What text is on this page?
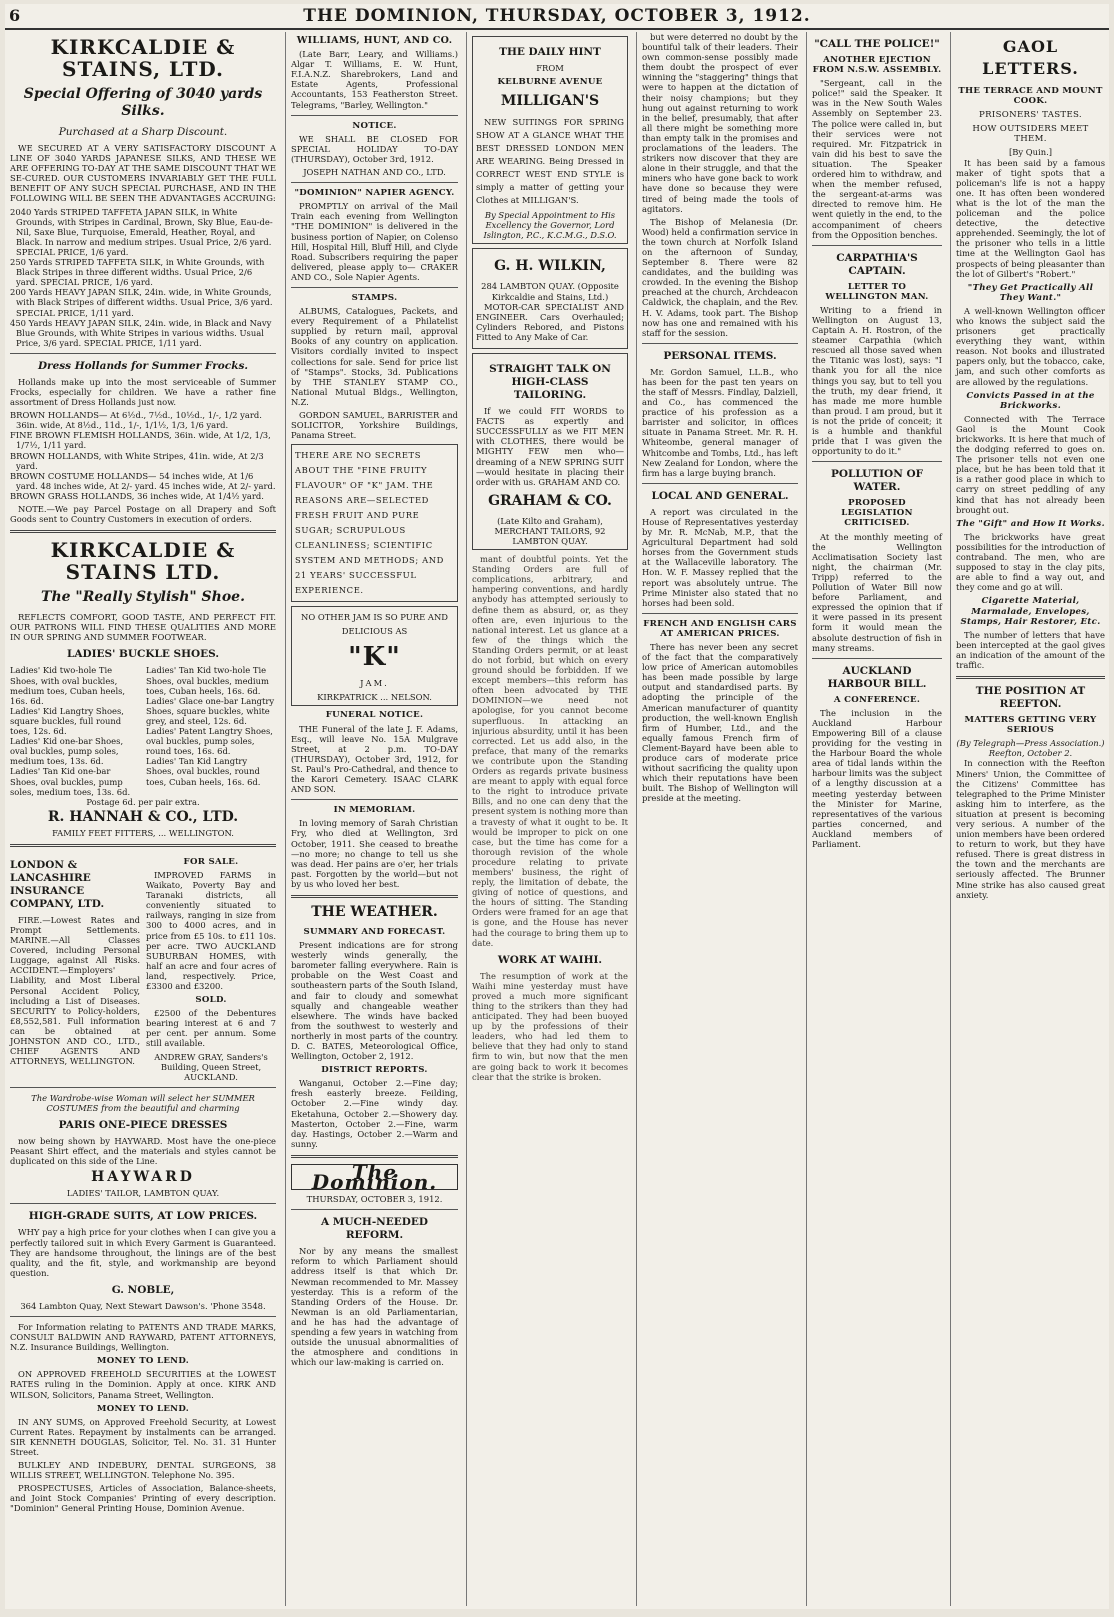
6	THE DOMINION, THURSDAY, OCTOBER 3, 1912.
KIRKCALDIE & STAINS, LTD.
Special Offering of 3040 yards Silks.
Purchased at a Sharp Discount.
WE SECURED AT A VERY SATISFACTORY DISCOUNT A LINE OF 3040 YARDS JAPANESE SILKS, AND THESE WE ARE OFFERING TO-DAY AT THE SAME DISCOUNT THAT WE SE-CURED. OUR CUSTOMERS INVARIABLY GET THE FULL BENEFIT OF ANY SUCH SPECIAL PURCHASE, AND IN THE FOLLOWING WILL BE SEEN THE ADVANTAGES ACCRUING:
2040 Yards STRIPED TAFFETA JAPAN SILK, in White Grounds, with Stripes in Cardinal, Brown, Sky Blue, Eau-de-Nil, Saxe Blue, Turquoise, Emerald, Heather, Royal, and Black. In narrow and medium stripes. Usual Price, 2/6 yard. SPECIAL PRICE, 1/6 yard.
250 Yards STRIPED TAFFETA SILK, in White Grounds, with Black Stripes in three different widths. Usual Price, 2/6 yard. SPECIAL PRICE, 1/6 yard.
200 Yards HEAVY JAPAN SILK, 24in. wide, in White Grounds, with Black Stripes of different widths. Usual Price, 3/6 yard. SPECIAL PRICE, 1/11 yard.
450 Yards HEAVY JAPAN SILK, 24in. wide, in Black and Navy Blue Grounds, with White Stripes in various widths. Usual Price, 3/6 yard. SPECIAL PRICE, 1/11 yard.
Dress Hollands for Summer Frocks.
Hollands make up into the most serviceable of Summer Frocks, especially for children. We have a rather fine assortment of Dress Hollands just now.
BROWN HOLLANDS— At 6½d., 7½d., 10½d., 1/-, 1/2 yard. 36in. wide, At 8½d., 11d., 1/-, 1/1½, 1/3, 1/6 yard.
FINE BROWN FLEMISH HOLLANDS, 36in. wide, At 1/2, 1/3, 1/7½, 1/11 yard.
BROWN HOLLANDS, with White Stripes, 41in. wide, At 2/3 yard.
BROWN COSTUME HOLLANDS— 54 inches wide, At 1/6 yard. 48 inches wide, At 2/- yard. 45 inches wide, At 2/- yard.
BROWN GRASS HOLLANDS, 36 inches wide, At 1/4½ yard.
NOTE.—We pay Parcel Postage on all Drapery and Soft Goods sent to Country Customers in execution of orders.
KIRKCALDIE & STAINS LTD.
The "Really Stylish" Shoe.
REFLECTS COMFORT, GOOD TASTE, AND PERFECT FIT. OUR PATRONS WILL FIND THESE QUALITIES AND MORE IN OUR SPRING AND SUMMER FOOTWEAR.
LADIES' BUCKLE SHOES.
Ladies' Kid two-hole Tie Shoes, with oval buckles, medium toes, Cuban heels, 16s. 6d.
Ladies' Kid Langtry Shoes, square buckles, full round toes, 12s. 6d.
Ladies' Kid one-bar Shoes, oval buckles, pump soles, medium toes, 13s. 6d.
Ladies' Tan Kid one-bar Shoes, oval buckles, pump soles, medium toes, 13s. 6d.
Ladies' Tan Kid two-hole Tie Shoes, oval buckles, medium toes, Cuban heels, 16s. 6d.
Ladies' Glace one-bar Langtry Shoes, square buckles, white grey, and steel, 12s. 6d.
Ladies' Patent Langtry Shoes, oval buckles, pump soles, round toes, 16s. 6d.
Ladies' Tan Kid Langtry Shoes, oval buckles, round toes, Cuban heels, 16s. 6d.
Postage 6d. per pair extra.
R. HANNAH & CO., LTD.
FAMILY FEET FITTERS, ... WELLINGTON.
LONDON & LANCASHIRE INSURANCE COMPANY, LTD.
FIRE.—Lowest Rates and Prompt Settlements. MARINE.—All Classes Covered, including Personal Luggage, against All Risks. ACCIDENT.—Employers' Liability, and Most Liberal Personal Accident Policy, including a List of Diseases. SECURITY to Policy-holders, £8,552,581. Full information can be obtained at JOHNSTON AND CO., LTD., CHIEF AGENTS AND ATTORNEYS, WELLINGTON.
FOR SALE.
IMPROVED FARMS in Waikato, Poverty Bay and Taranaki districts, all conveniently situated to railways, ranging in size from 300 to 4000 acres, and in price from £5 10s. to £11 10s. per acre. TWO AUCKLAND SUBURBAN HOMES, with half an acre and four acres of land, respectively. Price, £3300 and £3200.
SOLD.
£2500 of the Debentures bearing interest at 6 and 7 per cent. per annum. Some still available.
ANDREW GRAY, Sanders's Building, Queen Street, AUCKLAND.
The Wardrobe-wise Woman will select her SUMMER COSTUMES from the beautiful and charming
PARIS ONE-PIECE DRESSES
now being shown by HAYWARD. Most have the one-piece Peasant Shirt effect, and the materials and styles cannot be duplicated on this side of the Line.
HAYWARD
LADIES' TAILOR, LAMBTON QUAY.
HIGH-GRADE SUITS, AT LOW PRICES.
WHY pay a high price for your clothes when I can give you a perfectly tailored suit in which Every Garment is Guaranteed. They are handsome throughout, the linings are of the best quality, and the fit, style, and workmanship are beyond question.
G. NOBLE,
364 Lambton Quay, Next Stewart Dawson's. 'Phone 3548.
For Information relating to PATENTS AND TRADE MARKS, CONSULT BALDWIN AND RAYWARD, PATENT ATTORNEYS, N.Z. Insurance Buildings, Wellington.
MONEY TO LEND.
ON APPROVED FREEHOLD SECURITIES at the LOWEST RATES ruling in the Dominion. Apply at once. KIRK AND WILSON, Solicitors, Panama Street, Wellington.
MONEY TO LEND.
IN ANY SUMS, on Approved Freehold Security, at Lowest Current Rates. Repayment by instalments can be arranged. SIR KENNETH DOUGLAS, Solicitor, Tel. No. 31. 31 Hunter Street.
BULKLEY AND INDEBURY, DENTAL SURGEONS, 38 WILLIS STREET, WELLINGTON. Telephone No. 395.
PROSPECTUSES, Articles of Association, Balance-sheets, and Joint Stock Companies' Printing of every description. "Dominion" General Printing House, Dominion Avenue.
WILLIAMS, HUNT, AND CO.
(Late Barr, Leary, and Williams.) Algar T. Williams, E. W. Hunt, F.I.A.N.Z. Sharebrokers, Land and Estate Agents, Professional Accountants, 153 Featherston Street. Telegrams, "Barley, Wellington."
NOTICE.
WE SHALL BE CLOSED FOR SPECIAL HOLIDAY TO-DAY (THURSDAY), October 3rd, 1912.
JOSEPH NATHAN AND CO., LTD.
"DOMINION" NAPIER AGENCY.
PROMPTLY on arrival of the Mail Train each evening from Wellington "THE DOMINION" is delivered in the business portion of Napier, on Colenso Hill, Hospital Hill, Bluff Hill, and Clyde Road. Subscribers requiring the paper delivered, please apply to— CRAKER AND CO., Sole Napier Agents.
STAMPS.
ALBUMS, Catalogues, Packets, and every Requirement of a Philatelist supplied by return mail, approval Books of any country on application. Visitors cordially invited to inspect collections for sale. Send for price list of "Stamps". Stocks, 3d. Publications by THE STANLEY STAMP CO., National Mutual Bldgs., Wellington, N.Z.
GORDON SAMUEL, BARRISTER and SOLICITOR, Yorkshire Buildings, Panama Street.
THERE ARE NO SECRETS ABOUT THE "FINE FRUITY FLAVOUR" OF "K" JAM. THE REASONS ARE—SELECTED FRESH FRUIT AND PURE SUGAR; SCRUPULOUS CLEANLINESS; SCIENTIFIC SYSTEM AND METHODS; AND 21 YEARS' SUCCESSFUL EXPERIENCE.
NO OTHER JAM IS SO PURE AND DELICIOUS AS
"K"
JAM.
KIRKPATRICK ... NELSON.
FUNERAL NOTICE.
THE Funeral of the late J. F. Adams, Esq., will leave No. 15A Mulgrave Street, at 2 p.m. TO-DAY (THURSDAY), October 3rd, 1912, for St. Paul's Pro-Cathedral, and thence to the Karori Cemetery. ISAAC CLARK AND SON.
IN MEMORIAM.
In loving memory of Sarah Christian Fry, who died at Wellington, 3rd October, 1911. She ceased to breathe—no more; no change to tell us she was dead. Her pains are o'er, her trials past. Forgotten by the world—but not by us who loved her best.
THE WEATHER.
SUMMARY AND FORECAST.
Present indications are for strong westerly winds generally, the barometer falling everywhere. Rain is probable on the West Coast and southeastern parts of the South Island, and fair to cloudy and somewhat squally and changeable weather elsewhere. The winds have backed from the southwest to westerly and northerly in most parts of the country. D. C. BATES, Meteorological Office, Wellington, October 2, 1912.
DISTRICT REPORTS.
Wanganui, October 2.—Fine day; fresh easterly breeze. Feilding, October 2.—Fine windy day. Eketahuna, October 2.—Showery day. Masterton, October 2.—Fine, warm day. Hastings, October 2.—Warm and sunny.
The Dominion.
THURSDAY, OCTOBER 3, 1912.
A MUCH-NEEDED REFORM.
Nor by any means the smallest reform to which Parliament should address itself is that which Dr. Newman recommended to Mr. Massey yesterday. This is a reform of the Standing Orders of the House. Dr. Newman is an old Parliamentarian, and he has had the advantage of spending a few years in watching from outside the unusual abnormalities of the atmosphere and conditions in which our law-making is carried on.
THE DAILY HINT
FROM
KELBURNE AVENUE
MILLIGAN'S
NEW SUITINGS FOR SPRING SHOW AT A GLANCE WHAT THE BEST DRESSED LONDON MEN ARE WEARING. Being Dressed in CORRECT WEST END STYLE is simply a matter of getting your Clothes at MILLIGAN'S.
By Special Appointment to His Excellency the Governor, Lord Islington, P.C., K.C.M.G., D.S.O.
G. H. WILKIN,
284 LAMBTON QUAY. (Opposite Kirkcaldie and Stains, Ltd.)
MOTOR-CAR SPECIALIST AND ENGINEER. Cars Overhauled; Cylinders Rebored, and Pistons Fitted to Any Make of Car.
STRAIGHT TALK ON HIGH-CLASS TAILORING.
If we could FIT WORDS to FACTS as expertly and SUCCESSFULLY as we FIT MEN with CLOTHES, there would be MIGHTY FEW men who—dreaming of a NEW SPRING SUIT—would hesitate in placing their order with us. GRAHAM AND CO.
GRAHAM & CO.
(Late Kilto and Graham), MERCHANT TAILORS, 92 LAMBTON QUAY.
mant of doubtful points. Yet the Standing Orders are full of complications, arbitrary, and hampering conventions, and hardly anybody has attempted seriously to define them as absurd, or, as they often are, even injurious to the national interest. Let us glance at a few of the things which the Standing Orders permit, or at least do not forbid, but which on every ground should be forbidden. If we except members—this reform has often been advocated by THE DOMINION—we need not apologise, for you cannot become superfluous. In attacking an injurious absurdity, until it has been corrected. Let us add also, in the preface, that many of the remarks we contribute upon the Standing Orders as regards private business are meant to apply with equal force to the right to introduce private Bills, and no one can deny that the present system is nothing more than a travesty of what it ought to be. It would be improper to pick on one case, but the time has come for a thorough revision of the whole procedure relating to private members' business, the right of reply, the limitation of debate, the giving of notice of questions, and the hours of sitting. The Standing Orders were framed for an age that is gone, and the House has never had the courage to bring them up to date.
WORK AT WAIHI.
The resumption of work at the Waihi mine yesterday must have proved a much more significant thing to the strikers than they had anticipated. They had been buoyed up by the professions of their leaders, who had led them to believe that they had only to stand firm to win, but now that the men are going back to work it becomes clear that the strike is broken.
but were deterred no doubt by the bountiful talk of their leaders. Their own common-sense possibly made them doubt the prospect of ever winning the "staggering" things that were to happen at the dictation of their noisy champions; but they hung out against returning to work in the belief, presumably, that after all there might be something more than empty talk in the promises and proclamations of the leaders. The strikers now discover that they are alone in their struggle, and that the miners who have gone back to work have done so because they were tired of being made the tools of agitators.
The Bishop of Melanesia (Dr. Wood) held a confirmation service in the town church at Norfolk Island on the afternoon of Sunday, September 8. There were 82 candidates, and the building was crowded. In the evening the Bishop preached at the church, Archdeacon Caldwick, the chaplain, and the Rev. H. V. Adams, took part. The Bishop now has one and remained with his staff for the session.
PERSONAL ITEMS.
Mr. Gordon Samuel, LL.B., who has been for the past ten years on the staff of Messrs. Findlay, Dalziell, and Co., has commenced the practice of his profession as a barrister and solicitor, in offices situate in Panama Street. Mr. R. H. Whiteombe, general manager of Whitcombe and Tombs, Ltd., has left New Zealand for London, where the firm has a large buying branch.
LOCAL AND GENERAL.
A report was circulated in the House of Representatives yesterday by Mr. R. McNab, M.P., that the Agricultural Department had sold horses from the Government studs at the Wallaceville laboratory. The Hon. W. F. Massey replied that the report was absolutely untrue. The Prime Minister also stated that no horses had been sold.
FRENCH AND ENGLISH CARS AT AMERICAN PRICES.
There has never been any secret of the fact that the comparatively low price of American automobiles has been made possible by large output and standardised parts. By adopting the principle of the American manufacturer of quantity production, the well-known English firm of Humber, Ltd., and the equally famous French firm of Clement-Bayard have been able to produce cars of moderate price without sacrificing the quality upon which their reputations have been built. The Bishop of Wellington will preside at the meeting.
"CALL THE POLICE!"
ANOTHER EJECTION FROM N.S.W. ASSEMBLY.
"Sergeant, call in the police!" said the Speaker. It was in the New South Wales Assembly on September 23. The police were called in, but their services were not required. Mr. Fitzpatrick in vain did his best to save the situation. The Speaker ordered him to withdraw, and when the member refused, the sergeant-at-arms was directed to remove him. He went quietly in the end, to the accompaniment of cheers from the Opposition benches.
CARPATHIA'S CAPTAIN.
LETTER TO WELLINGTON MAN.
Writing to a friend in Wellington on August 13, Captain A. H. Rostron, of the steamer Carpathia (which rescued all those saved when the Titanic was lost), says: "I thank you for all the nice things you say, but to tell you the truth, my dear friend, it has made me more humble than proud. I am proud, but it is not the pride of conceit; it is a humble and thankful pride that I was given the opportunity to do it."
POLLUTION OF WATER.
PROPOSED LEGISLATION CRITICISED.
At the monthly meeting of the Wellington Acclimatisation Society last night, the chairman (Mr. Tripp) referred to the Pollution of Water Bill now before Parliament, and expressed the opinion that if it were passed in its present form it would mean the absolute destruction of fish in many streams.
AUCKLAND HARBOUR BILL.
A CONFERENCE.
The inclusion in the Auckland Harbour Empowering Bill of a clause providing for the vesting in the Harbour Board the whole area of tidal lands within the harbour limits was the subject of a lengthy discussion at a meeting yesterday between the Minister for Marine, representatives of the various parties concerned, and Auckland members of Parliament.
GAOL LETTERS.
THE TERRACE AND MOUNT COOK.
PRISONERS' TASTES.
HOW OUTSIDERS MEET THEM.
[By Quin.]
It has been said by a famous maker of tight spots that a policeman's life is not a happy one. It has often been wondered what is the lot of the man the policeman and the police detective, the detective apprehended. Seemingly, the lot of the prisoner who tells in a little time at the Wellington Gaol has prospects of being pleasanter than the lot of Gilbert's "Robert."
"They Get Practically All They Want."
A well-known Wellington officer who knows the subject said the prisoners get practically everything they want, within reason. Not books and illustrated papers only, but the tobacco, cake, jam, and such other comforts as are allowed by the regulations.
Convicts Passed in at the Brickworks.
Connected with The Terrace Gaol is the Mount Cook brickworks. It is here that much of the dodging referred to goes on. The prisoner tells not even one place, but he has been told that it is a rather good place in which to carry on street peddling of any kind that has not already been brought out.
The "Gift" and How It Works.
The brickworks have great possibilities for the introduction of contraband. The men, who are supposed to stay in the clay pits, are able to find a way out, and they come and go at will.
Cigarette Material, Marmalade, Envelopes, Stamps, Hair Restorer, Etc.
The number of letters that have been intercepted at the gaol gives an indication of the amount of the traffic.
THE POSITION AT REEFTON.
MATTERS GETTING VERY SERIOUS
(By Telegraph—Press Association.) Reefton, October 2.
In connection with the Reefton Miners' Union, the Committee of the Citizens' Committee has telegraphed to the Prime Minister asking him to interfere, as the situation at present is becoming very serious. A number of the union members have been ordered to return to work, but they have refused. There is great distress in the town and the merchants are seriously affected. The Brunner Mine strike has also caused great anxiety.
